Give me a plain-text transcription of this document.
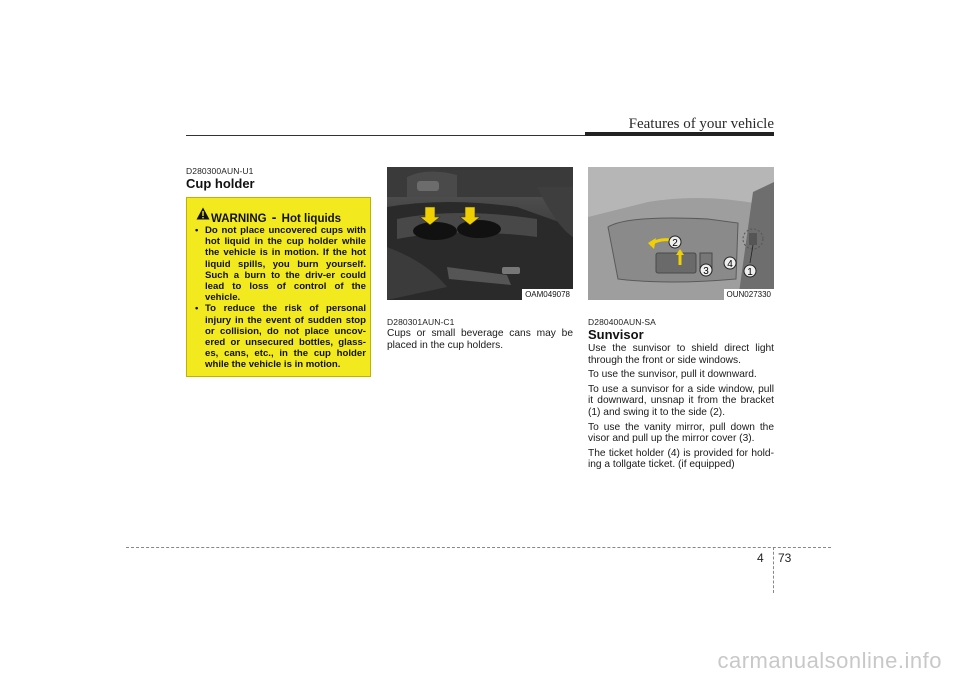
Features of your vehicle
D280300AUN-U1
Cup holder
WARNING - Hot liquids
• Do not place uncovered cups with hot liquid in the cup holder while the vehicle is in motion. If the hot liquid spills, you burn yourself. Such a burn to the driv-er could lead to loss of control of the vehicle.
• To reduce the risk of personal injury in the event of sudden stop or collision, do not place uncov-ered or unsecured bottles, glass-es, cans, etc., in the cup holder while the vehicle is in motion.
OAM049078
D280301AUN-C1
Cups or small beverage cans may be placed in the cup holders.
2
3
4
1
OUN027330
D280400AUN-SA
Sunvisor
Use the sunvisor to shield direct light through the front or side windows.
To use the sunvisor, pull it downward.
To use a sunvisor for a side window, pull it downward, unsnap it from the bracket (1) and swing it to the side (2).
To use the vanity mirror, pull down the visor and pull up the mirror cover (3).
The ticket holder (4) is provided for hold-ing a tollgate ticket. (if equipped)
4 73
carmanualsonline.info
